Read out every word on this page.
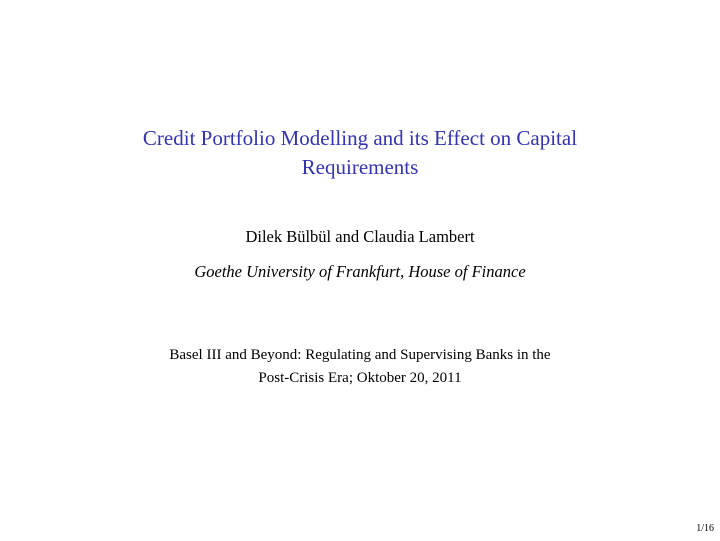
Credit Portfolio Modelling and its Effect on Capital
Requirements
Dilek Bülbül and Claudia Lambert
Goethe University of Frankfurt, House of Finance
Basel III and Beyond: Regulating and Supervising Banks in the
Post-Crisis Era; Oktober 20, 2011
1/16
